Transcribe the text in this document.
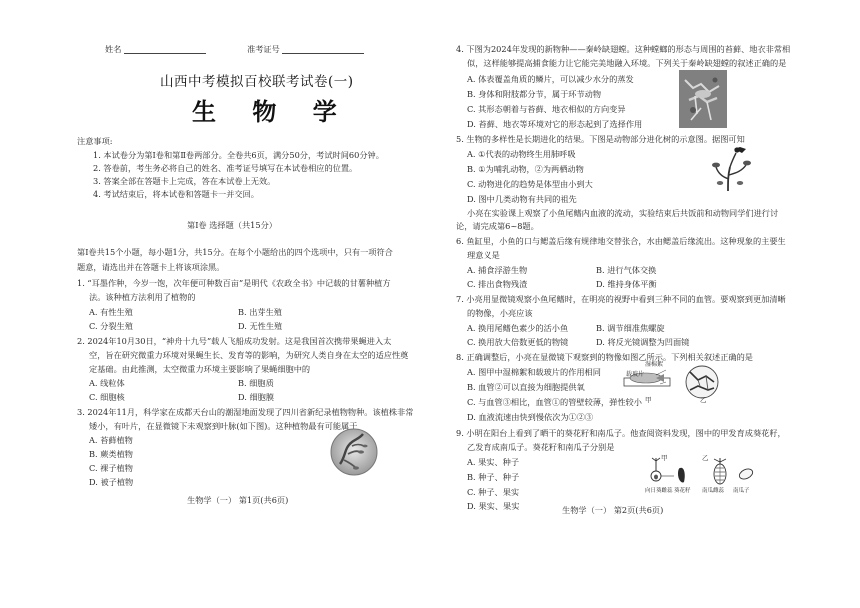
姓名	准考证号
山西中考模拟百校联考试卷(一)
生 物 学
注意事项:
1. 本试卷分为第Ⅰ卷和第Ⅱ卷两部分。全卷共6页，满分50分，考试时间60分钟。
2. 答卷前，考生务必将自己的姓名、准考证号填写在本试卷相应的位置。
3. 答案全部在答题卡上完成，答在本试卷上无效。
4. 考试结束后，将本试卷和答题卡一并交回。
第Ⅰ卷 选择题（共15分）
第Ⅰ卷共15个小题，每小题1分，共15分。在每个小题给出的四个选项中，只有一项符合
题意，请选出并在答题卡上将该项涂黑。
1. “耳墨作种，今岁一饱，次年便可种数百亩”是明代《农政全书》中记载的甘薯种植方
法。该种植方法利用了植物的
A. 有性生殖	B. 出芽生殖
C. 分裂生殖	D. 无性生殖
2. 2024年10月30日，“神舟十九号”载人飞船成功发射。这是我国首次携带果蝇进入太
空，旨在研究微重力环境对果蝇生长、发育等的影响，为研究人类自身在太空的适应性奠
定基础。由此推测，太空微重力环境主要影响了果蝇细胞中的
A. 线粒体	B. 细胞质
C. 细胞核	D. 细胞膜
3. 2024年11月，科学家在成都天台山的潮湿地面发现了四川省新纪录植物物种。该植株非常
矮小，有叶片，在显微镜下未观察到叶脉(如下图)。这种植物最有可能属于
A. 苔藓植物
B. 蕨类植物
C. 裸子植物
D. 被子植物
生物学（一） 第1页(共6页)
4. 下图为2024年发现的新物种——秦岭缺翅螳。这种螳螂的形态与周围的苔藓、地衣非常相
似，这样能够提高捕食能力让它能完美地融入环境。下列关于秦岭缺翅螳的叙述正确的是
A. 体表覆盖角质的鳞片，可以减少水分的蒸发
B. 身体和附肢都分节，属于环节动物
C. 其形态朝着与苔藓、地衣相似的方向变异
D. 苔藓、地衣等环境对它的形态起到了选择作用
5. 生物的多样性是长期进化的结果。下图是动物部分进化树的示意图。据图可知
A. ①代表的动物终生用肺呼吸
B. ①为哺乳动物，②为两栖动物
C. 动物进化的趋势是体型由小到大
D. 图中几类动物有共同的祖先
小亮在实验课上观察了小鱼尾鳍内血液的流动，实验结束后共饭前和动物同学们进行讨
论，请完成第6~8题。
6. 鱼缸里，小鱼的口与鳃盖后缘有规律地交替张合，水由鳃盖后缘流出。这种现象的主要生
理意义是
A. 捕食浮游生物	B. 进行气体交换
C. 排出食物残渣	D. 维持身体平衡
7. 小亮用显微镜观察小鱼尾鳍时，在明亮的视野中看到三种不同的血管。要观察到更加清晰
的物像，小亮应该
A. 换用尾鳍色素少的活小鱼	B. 调节细准焦螺旋
C. 换用放大倍数更低的物镜	D. 将反光镜调整为凹面镜
8. 正确调整后，小亮在显微镜下观察到的物像如图乙所示。下列相关叙述正确的是
A. 图甲中湿棉絮和载玻片的作用相同
B. 血管②可以直接为细胞提供氧
C. 与血管③相比，血管①的管壁较薄，弹性较小
D. 血液流速由快到慢依次为①②③
湿棉絮
载玻片
甲	乙
9. 小明在阳台上看到了晒干的葵花籽和南瓜子。他查阅资料发现，图中的甲发育成葵花籽，
乙发育成南瓜子。葵花籽和南瓜子分别是
A. 果实、种子
B. 种子、种子
C. 种子、果实
D. 果实、果实
甲	乙
向日葵雌蕊 葵花籽 南瓜雌蕊 南瓜子
生物学（一） 第2页(共6页)
